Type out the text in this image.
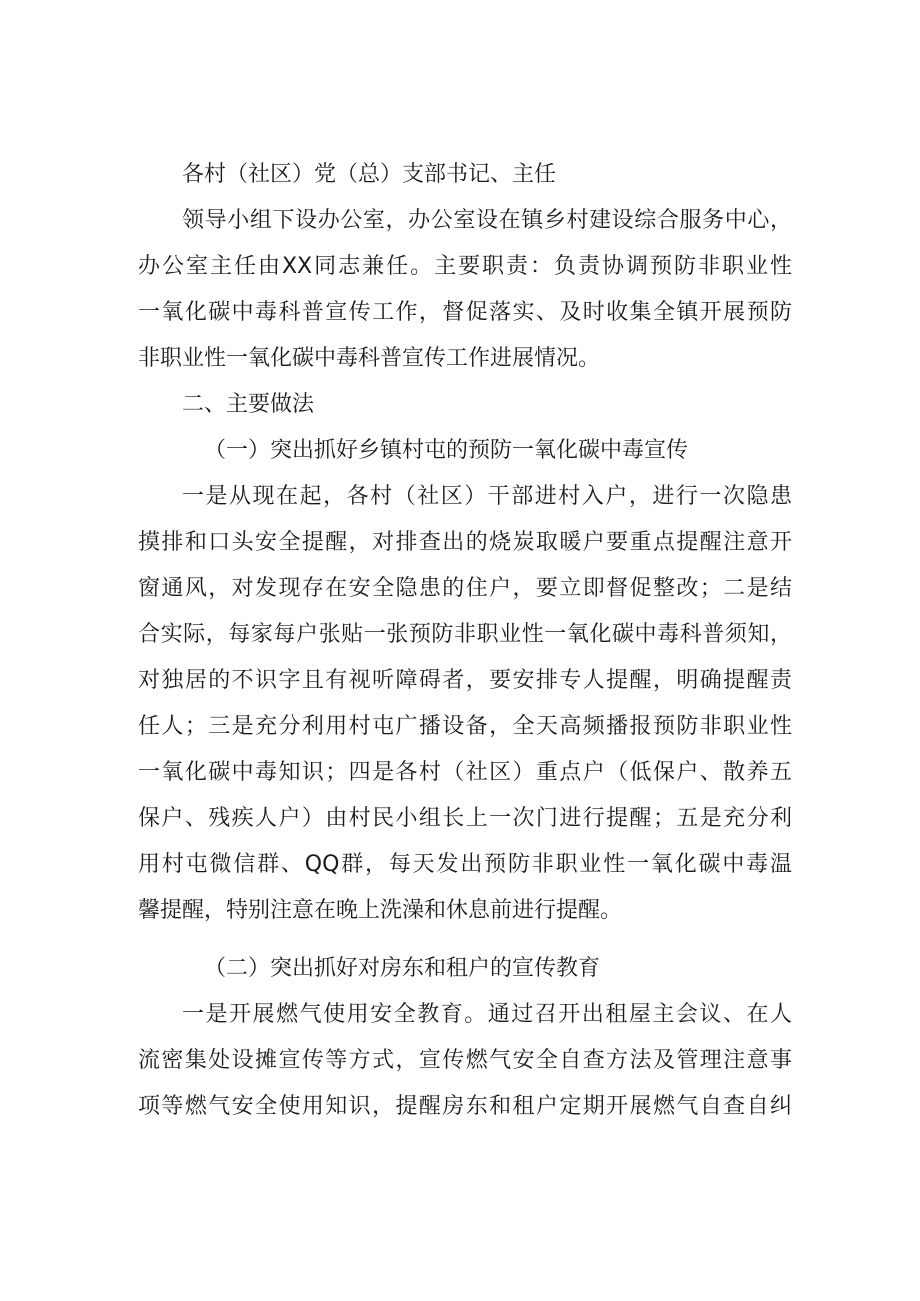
各村（社区）党（总）支部书记、主任
领导小组下设办公室，办公室设在镇乡村建设综合服务中心，
办公室主任由XX同志兼任。主要职责：负责协调预防非职业性
一氧化碳中毒科普宣传工作，督促落实、及时收集全镇开展预防
非职业性一氧化碳中毒科普宣传工作进展情况。
二、主要做法
（一）突出抓好乡镇村屯的预防一氧化碳中毒宣传
一是从现在起，各村（社区）干部进村入户，进行一次隐患
摸排和口头安全提醒，对排查出的烧炭取暖户要重点提醒注意开
窗通风，对发现存在安全隐患的住户，要立即督促整改；二是结
合实际，每家每户张贴一张预防非职业性一氧化碳中毒科普须知，
对独居的不识字且有视听障碍者，要安排专人提醒，明确提醒责
任人；三是充分利用村屯广播设备，全天高频播报预防非职业性
一氧化碳中毒知识；四是各村（社区）重点户（低保户、散养五
保户、残疾人户）由村民小组长上一次门进行提醒；五是充分利
用村屯微信群、QQ群，每天发出预防非职业性一氧化碳中毒温
馨提醒，特别注意在晚上洗澡和休息前进行提醒。
（二）突出抓好对房东和租户的宣传教育
一是开展燃气使用安全教育。通过召开出租屋主会议、在人
流密集处设摊宣传等方式，宣传燃气安全自查方法及管理注意事
项等燃气安全使用知识，提醒房东和租户定期开展燃气自查自纠
